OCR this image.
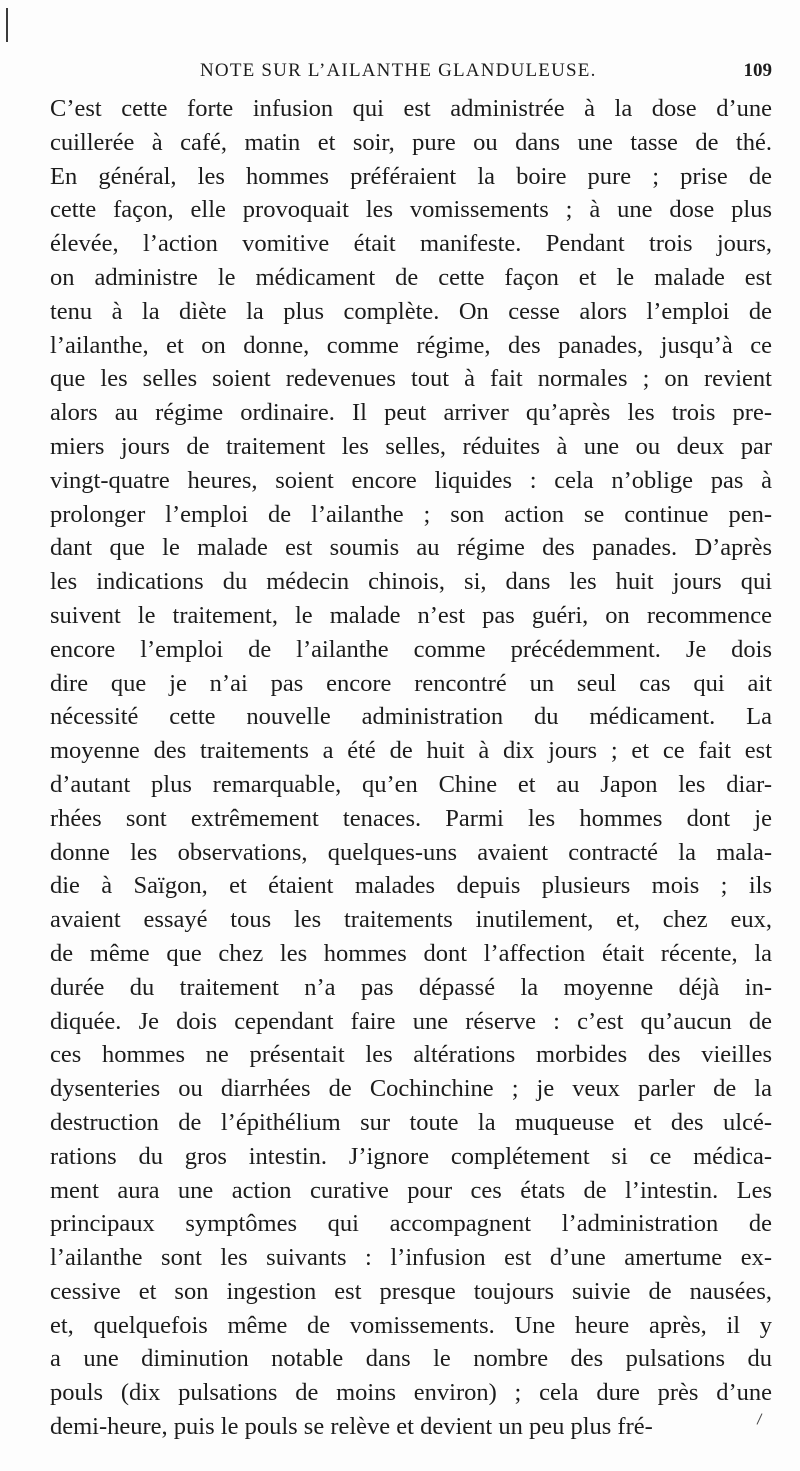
NOTE SUR L’AILANTHE GLANDULEUSE.	109
C’est cette forte infusion qui est administrée à la dose d’une
cuillerée à café, matin et soir, pure ou dans une tasse de thé.
En général, les hommes préféraient la boire pure ; prise de
cette façon, elle provoquait les vomissements ; à une dose plus
élevée, l’action vomitive était manifeste. Pendant trois jours,
on administre le médicament de cette façon et le malade est
tenu à la diète la plus complète. On cesse alors l’emploi de
l’ailanthe, et on donne, comme régime, des panades, jusqu’à ce
que les selles soient redevenues tout à fait normales ; on revient
alors au régime ordinaire. Il peut arriver qu’après les trois pre-
miers jours de traitement les selles, réduites à une ou deux par
vingt-quatre heures, soient encore liquides : cela n’oblige pas à
prolonger l’emploi de l’ailanthe ; son action se continue pen-
dant que le malade est soumis au régime des panades. D’après
les indications du médecin chinois, si, dans les huit jours qui
suivent le traitement, le malade n’est pas guéri, on recommence
encore l’emploi de l’ailanthe comme précédemment. Je dois
dire que je n’ai pas encore rencontré un seul cas qui ait
nécessité cette nouvelle administration du médicament. La
moyenne des traitements a été de huit à dix jours ; et ce fait est
d’autant plus remarquable, qu’en Chine et au Japon les diar-
rhées sont extrêmement tenaces. Parmi les hommes dont je
donne les observations, quelques-uns avaient contracté la mala-
die à Saïgon, et étaient malades depuis plusieurs mois ; ils
avaient essayé tous les traitements inutilement, et, chez eux,
de même que chez les hommes dont l’affection était récente, la
durée du traitement n’a pas dépassé la moyenne déjà in-
diquée. Je dois cependant faire une réserve : c’est qu’aucun de
ces hommes ne présentait les altérations morbides des vieilles
dysenteries ou diarrhées de Cochinchine ; je veux parler de la
destruction de l’épithélium sur toute la muqueuse et des ulcé-
rations du gros intestin. J’ignore complétement si ce médica-
ment aura une action curative pour ces états de l’intestin. Les
principaux symptômes qui accompagnent l’administration de
l’ailanthe sont les suivants : l’infusion est d’une amertume ex-
cessive et son ingestion est presque toujours suivie de nausées,
et, quelquefois même de vomissements. Une heure après, il y
a une diminution notable dans le nombre des pulsations du
pouls (dix pulsations de moins environ) ; cela dure près d’une
demi-heure, puis le pouls se relève et devient un peu plus fré-
